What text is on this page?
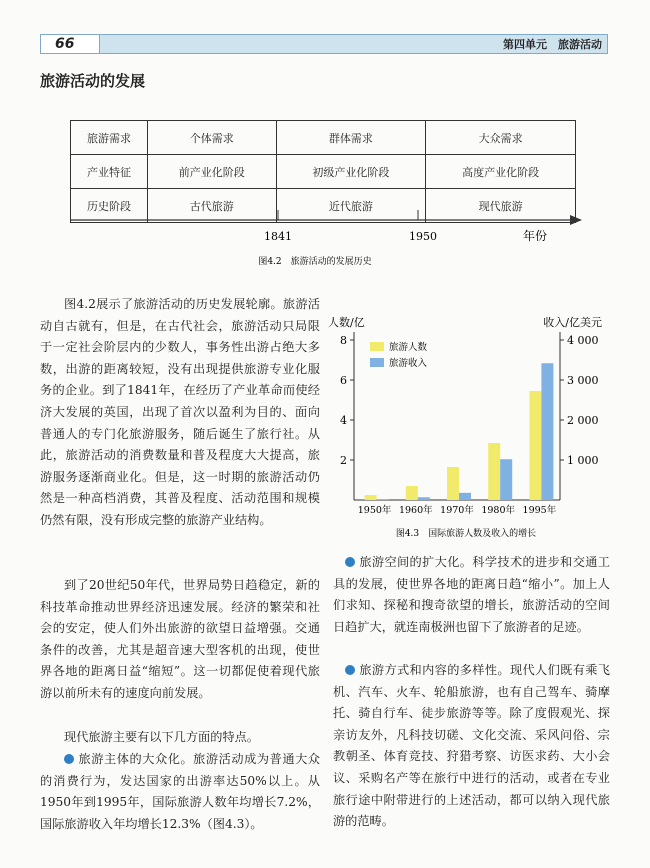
66	第四单元　旅游活动
旅游活动的发展
旅游需求	个体需求	群体需求	大众需求
产业特征	前产业化阶段	初级产业化阶段	高度产业化阶段
历史阶段	古代旅游	近代旅游	现代旅游
1841	1950	年份
图4.2　旅游活动的发展历史

图4.2展示了旅游活动的历史发展轮廓。旅游活动自古就有，但是，在古代社会，旅游活动只局限于一定社会阶层内的少数人，事务性出游占绝大多数，出游的距离较短，没有出现提供旅游专业化服务的企业。到了1841年，在经历了产业革命而使经济大发展的英国，出现了首次以盈利为目的、面向普通人的专门化旅游服务，随后诞生了旅行社。从此，旅游活动的消费数量和普及程度大大提高，旅游服务逐渐商业化。但是，这一时期的旅游活动仍然是一种高档消费，其普及程度、活动范围和规模仍然有限，没有形成完整的旅游产业结构。

到了20世纪50年代，世界局势日趋稳定，新的科技革命推动世界经济迅速发展。经济的繁荣和社会的安定，使人们外出旅游的欲望日益增强。交通条件的改善，尤其是超音速大型客机的出现，使世界各地的距离日益“缩短”。这一切都促使着现代旅游以前所未有的速度向前发展。

现代旅游主要有以下几方面的特点。

旅游主体的大众化。旅游活动成为普通大众的消费行为，发达国家的出游率达50%以上。从1950年到1995年，国际旅游人数年均增长7.2%，国际旅游收入年均增长12.3%（图4.3）。

人数/亿	收入/亿美元
图4.3　国际旅游人数及收入的增长
2
4
6
8
1 000
2 000
3 000
4 000
1950年 1960年 1970年 1980年 1995年
旅游人数
旅游收入

旅游空间的扩大化。科学技术的进步和交通工具的发展，使世界各地的距离日趋“缩小”。加上人们求知、探秘和搜奇欲望的增长，旅游活动的空间日趋扩大，就连南极洲也留下了旅游者的足迹。

旅游方式和内容的多样性。现代人们既有乘飞机、汽车、火车、轮船旅游，也有自己驾车、骑摩托、骑自行车、徒步旅游等等。除了度假观光、探亲访友外，凡科技切磋、文化交流、采风问俗、宗教朝圣、体育竞技、狩猎考察、访医求药、大小会议、采购名产等在旅行中进行的活动，或者在专业旅行途中附带进行的上述活动，都可以纳入现代旅游的范畴。
